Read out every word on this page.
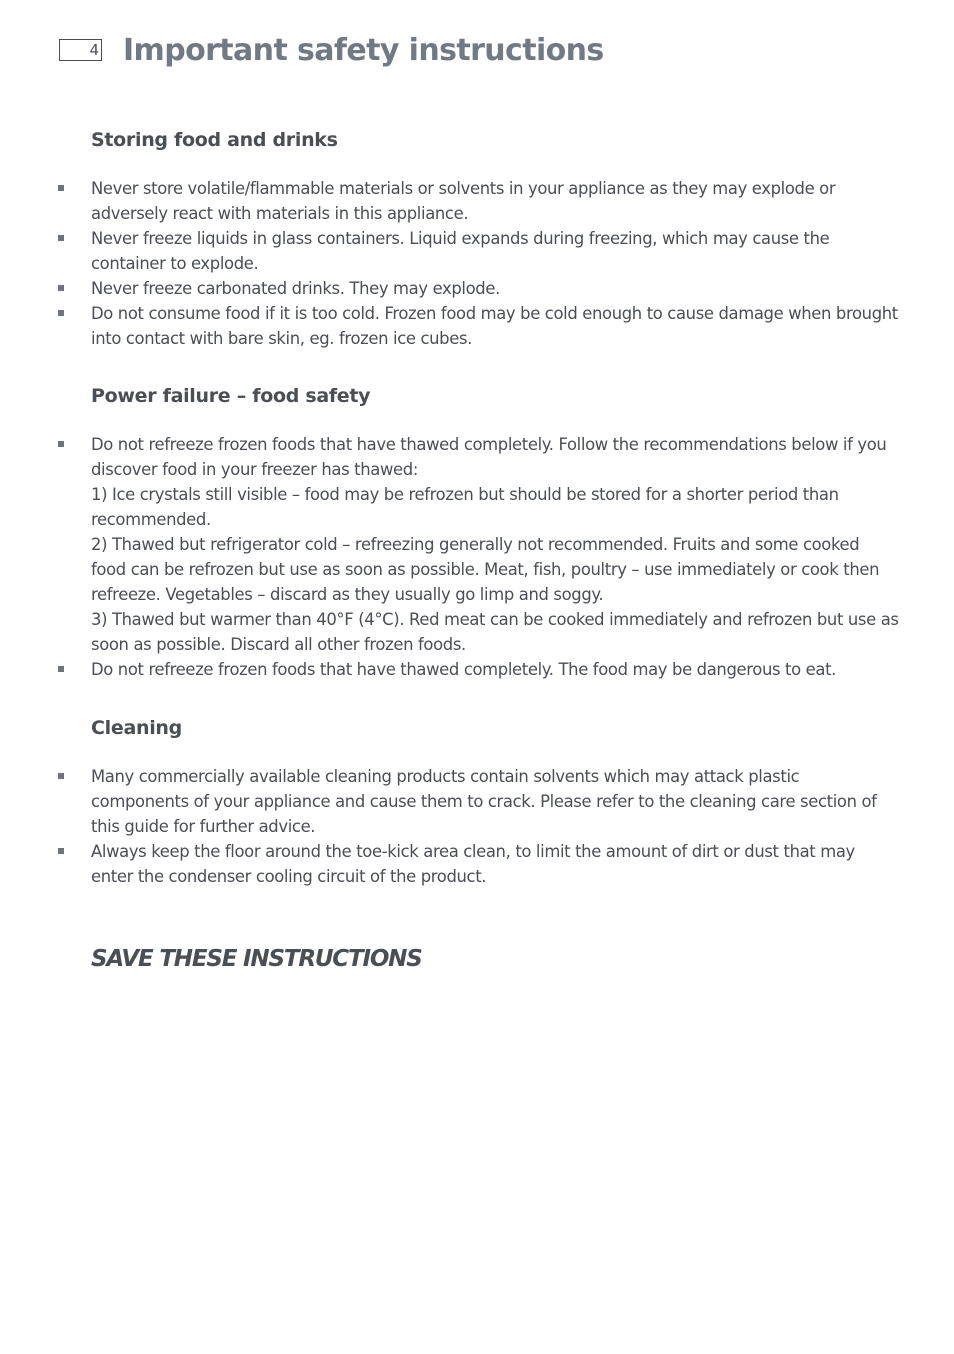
4 Important safety instructions
Storing food and drinks
Never store volatile/flammable materials or solvents in your appliance as they may explode or adversely react with materials in this appliance.
Never freeze liquids in glass containers. Liquid expands during freezing, which may cause the container to explode.
Never freeze carbonated drinks. They may explode.
Do not consume food if it is too cold. Frozen food may be cold enough to cause damage when brought into contact with bare skin, eg. frozen ice cubes.
Power failure – food safety
Do not refreeze frozen foods that have thawed completely. Follow the recommendations below if you discover food in your freezer has thawed:
1) Ice crystals still visible – food may be refrozen but should be stored for a shorter period than recommended.
2) Thawed but refrigerator cold – refreezing generally not recommended. Fruits and some cooked food can be refrozen but use as soon as possible. Meat, fish, poultry – use immediately or cook then refreeze. Vegetables – discard as they usually go limp and soggy.
3) Thawed but warmer than 40°F (4°C). Red meat can be cooked immediately and refrozen but use as soon as possible. Discard all other frozen foods.
Do not refreeze frozen foods that have thawed completely. The food may be dangerous to eat.
Cleaning
Many commercially available cleaning products contain solvents which may attack plastic components of your appliance and cause them to crack. Please refer to the cleaning care section of this guide for further advice.
Always keep the floor around the toe-kick area clean, to limit the amount of dirt or dust that may enter the condenser cooling circuit of the product.
SAVE THESE INSTRUCTIONS
